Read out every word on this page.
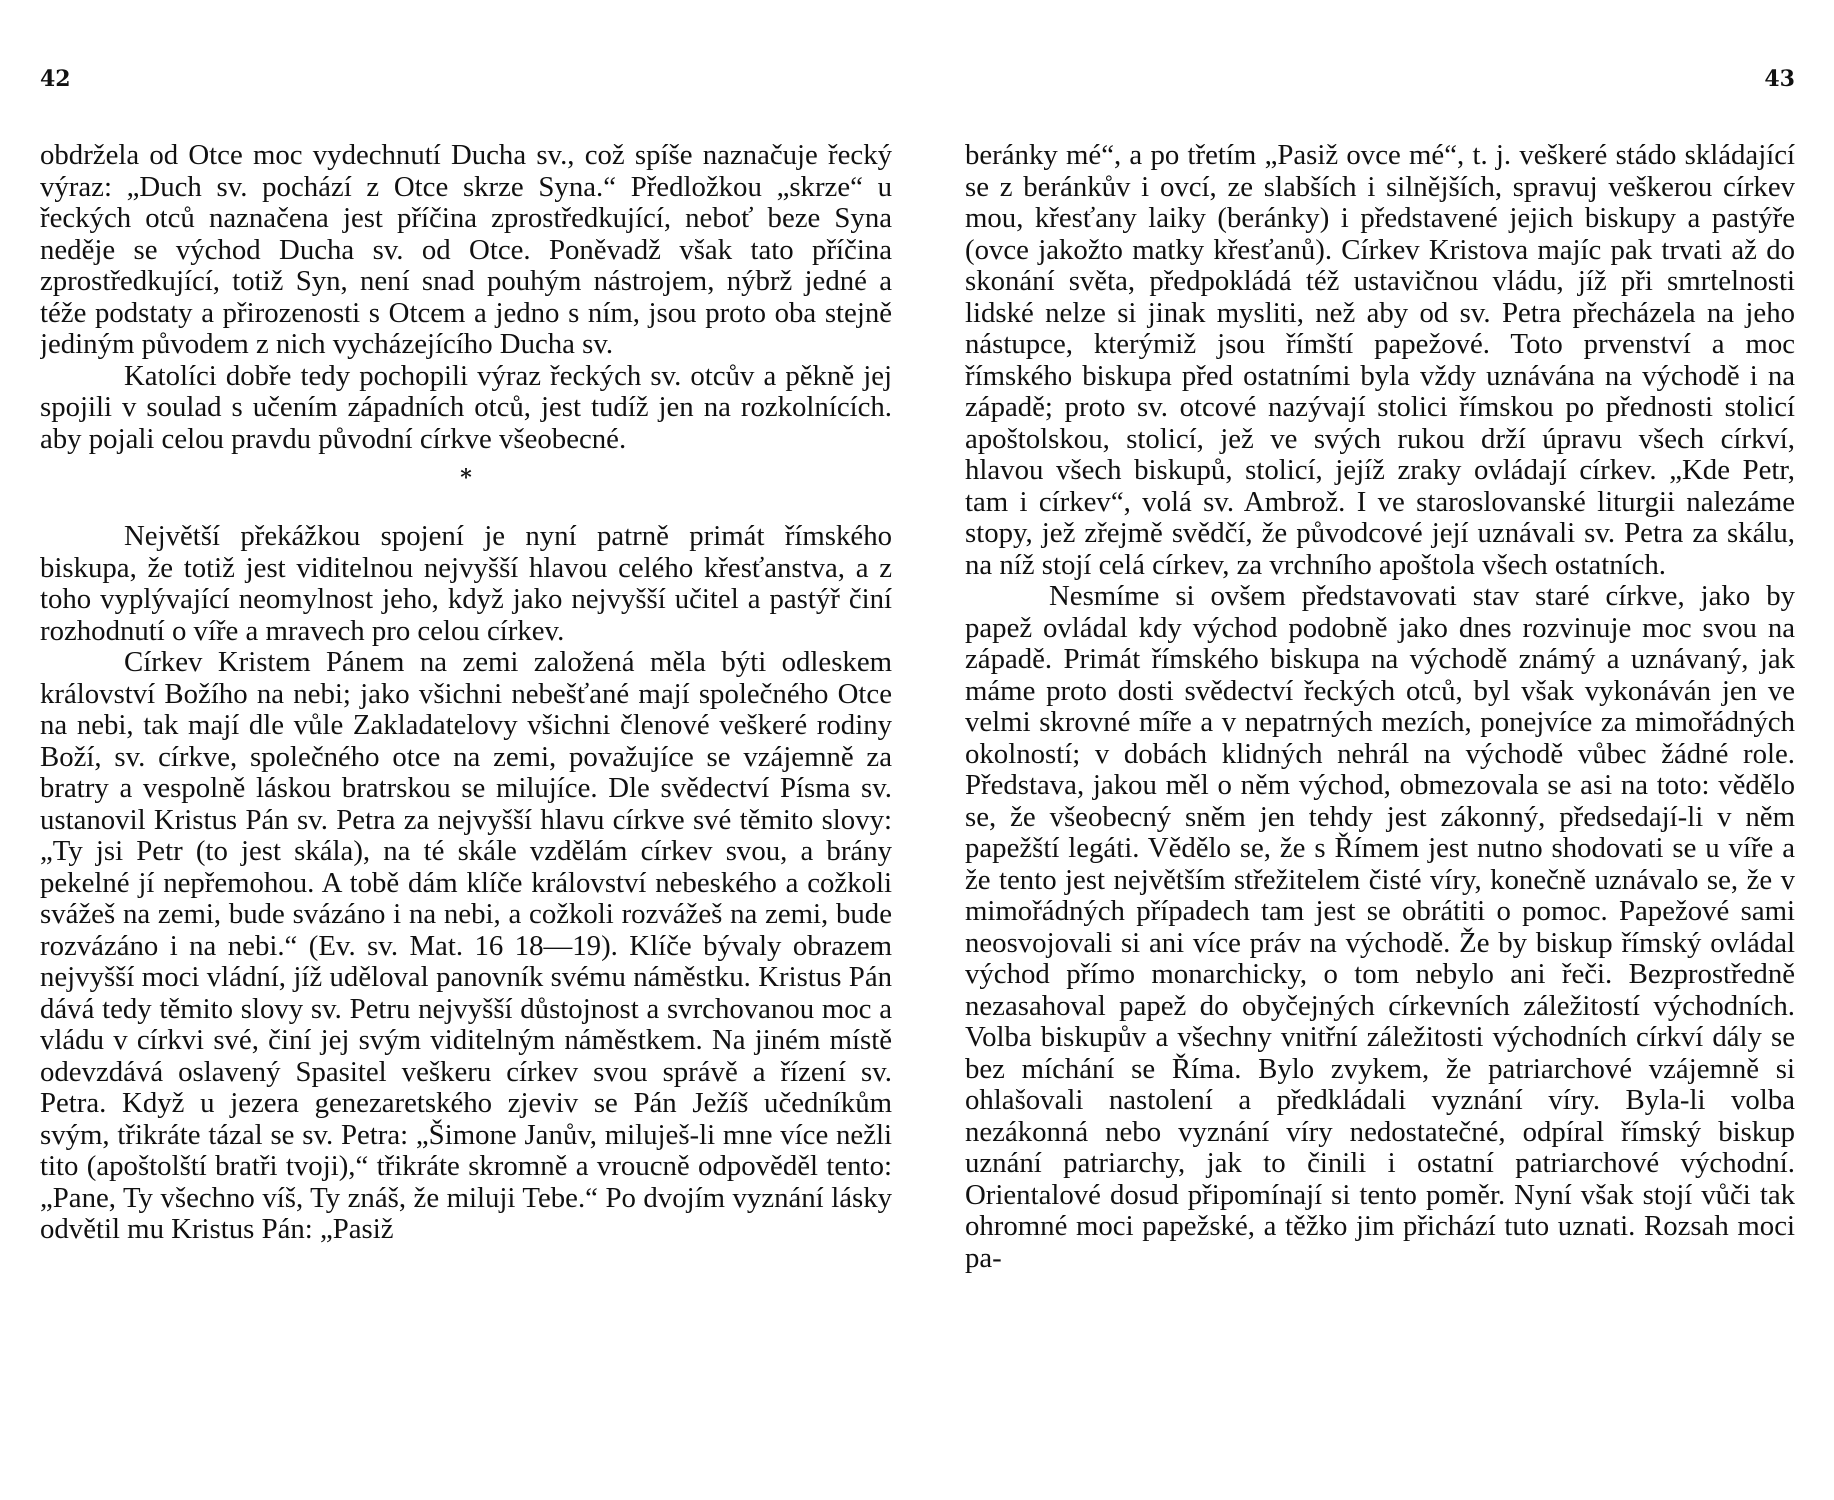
42

obdržela od Otce moc vydechnutí Ducha sv., což spíše naznačuje řecký výraz: „Duch sv. pochází z Otce skrze Syna.“ Předložkou „skrze“ u řeckých otců naznačena jest příčina zprostředkující, neboť beze Syna neděje se východ Ducha sv. od Otce. Poněvadž však tato příčina zprostředkující, totiž Syn, není snad pouhým nástrojem, nýbrž jedné a téže podstaty a přirozenosti s Otcem a jedno s ním, jsou proto oba stejně jediným původem z nich vycházejícího Ducha sv.

Katolíci dobře tedy pochopili výraz řeckých sv. otcův a pěkně jej spojili v soulad s učením západních otců, jest tudíž jen na rozkolnících. aby pojali celou pravdu původní církve všeobecné.

*

Největší překážkou spojení je nyní patrně primát římského biskupa, že totiž jest viditelnou nejvyšší hlavou celého křesťanstva, a z toho vyplývající neomylnost jeho, když jako nejvyšší učitel a pastýř činí rozhodnutí o víře a mravech pro celou církev.

Církev Kristem Pánem na zemi založená měla býti odleskem království Božího na nebi; jako všichni nebešťané mají společného Otce na nebi, tak mají dle vůle Zakladatelovy všichni členové veškeré rodiny Boží, sv. církve, společného otce na zemi, považujíce se vzájemně za bratry a vespolně láskou bratrskou se milujíce. Dle svědectví Písma sv. ustanovil Kristus Pán sv. Petra za nejvyšší hlavu církve své těmito slovy: „Ty jsi Petr (to jest skála), na té skále vzdělám církev svou, a brány pekelné jí nepřemohou. A tobě dám klíče království nebeského a cožkoli svážeš na zemi, bude svázáno i na nebi, a cožkoli rozvážeš na zemi, bude rozvázáno i na nebi.“ (Ev. sv. Mat. 16 18—19). Klíče bývaly obrazem nejvyšší moci vládní, jíž uděloval panovník svému náměstku. Kristus Pán dává tedy těmito slovy sv. Petru nejvyšší důstojnost a svrchovanou moc a vládu v církvi své, činí jej svým viditelným náměstkem. Na jiném místě odevzdává oslavený Spasitel veškeru církev svou správě a řízení sv. Petra. Když u jezera genezaretského zjeviv se Pán Ježíš učedníkům svým, třikráte tázal se sv. Petra: „Šimone Janův, miluješ-li mne více nežli tito (apoštolští bratři tvoji),“ třikráte skromně a vroucně odpověděl tento: „Pane, Ty všechno víš, Ty znáš, že miluji Tebe.“ Po dvojím vyznání lásky odvětil mu Kristus Pán: „Pasiž

43

beránky mé“, a po třetím „Pasiž ovce mé“, t. j. veškeré stádo skládající se z beránkův i ovcí, ze slabších i silnějších, spravuj veškerou církev mou, křesťany laiky (beránky) i představené jejich biskupy a pastýře (ovce jakožto matky křesťanů). Církev Kristova majíc pak trvati až do skonání světa, předpokládá též ustavičnou vládu, jíž při smrtelnosti lidské nelze si jinak mysliti, než aby od sv. Petra přecházela na jeho nástupce, kterýmiž jsou římští papežové. Toto prvenství a moc římského biskupa před ostatními byla vždy uznávána na východě i na západě; proto sv. otcové nazývají stolici římskou po přednosti stolicí apoštolskou, stolicí, jež ve svých rukou drží úpravu všech církví, hlavou všech biskupů, stolicí, jejíž zraky ovládají církev. „Kde Petr, tam i církev“, volá sv. Ambrož. I ve staroslovanské liturgii nalezáme stopy, jež zřejmě svědčí, že původcové její uznávali sv. Petra za skálu, na níž stojí celá církev, za vrchního apoštola všech ostatních.

Nesmíme si ovšem představovati stav staré církve, jako by papež ovládal kdy východ podobně jako dnes rozvinuje moc svou na západě. Primát římského biskupa na východě známý a uznávaný, jak máme proto dosti svědectví řeckých otců, byl však vykonáván jen ve velmi skrovné míře a v nepatrných mezích, ponejvíce za mimořádných okolností; v dobách klidných nehrál na východě vůbec žádné role. Představa, jakou měl o něm východ, obmezovala se asi na toto: vědělo se, že všeobecný sněm jen tehdy jest zákonný, předsedají-li v něm papežští legáti. Vědělo se, že s Římem jest nutno shodovati se u víře a že tento jest největším střežitelem čisté víry, konečně uznávalo se, že v mimořádných případech tam jest se obrátiti o pomoc. Papežové sami neosvojovali si ani více práv na východě. Že by biskup římský ovládal východ přímo monarchicky, o tom nebylo ani řeči. Bezprostředně nezasahoval papež do obyčejných církevních záležitostí východních. Volba biskupův a všechny vnitřní záležitosti východních církví dály se bez míchání se Říma. Bylo zvykem, že patriarchové vzájemně si ohlašovali nastolení a předkládali vyznání víry. Byla-li volba nezákonná nebo vyznání víry nedostatečné, odpíral římský biskup uznání patriarchy, jak to činili i ostatní patriarchové východní. Orientalové dosud připomínají si tento poměr. Nyní však stojí vůči tak ohromné moci papežské, a těžko jim přichází tuto uznati. Rozsah moci pa-
